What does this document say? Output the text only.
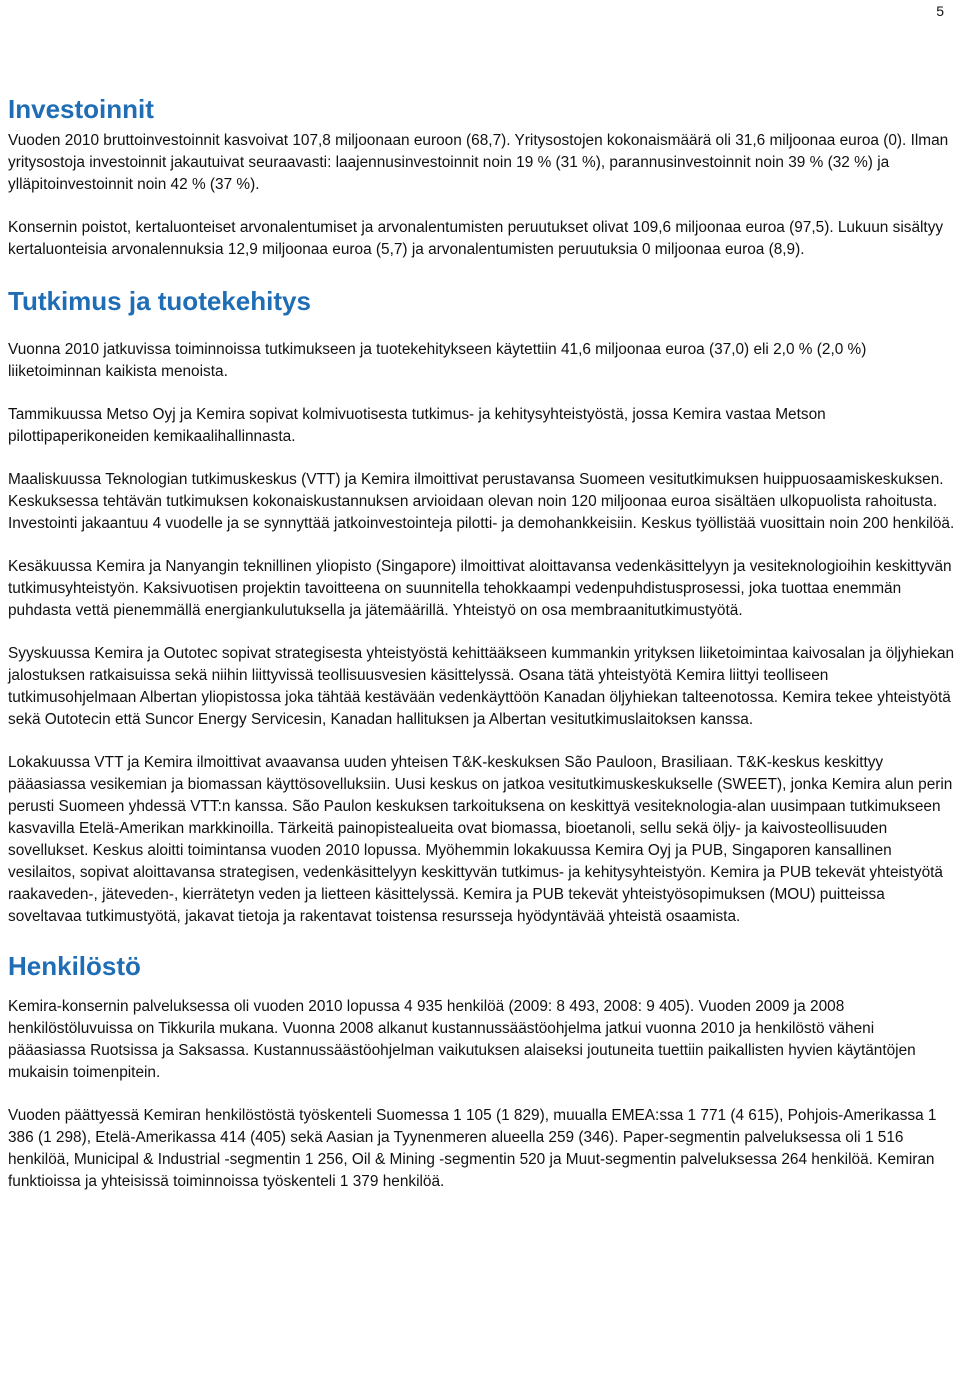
5
Investoinnit

Vuoden 2010 bruttoinvestoinnit kasvoivat 107,8 miljoonaan euroon (68,7). Yritysostojen kokonaismäärä oli 31,6 miljoonaa euroa (0). Ilman yritysostoja investoinnit jakautuivat seuraavasti: laajennusinvestoinnit noin 19 % (31 %), parannusinvestoinnit noin 39 % (32 %) ja ylläpitoinvestoinnit noin 42 % (37 %).

Konsernin poistot, kertaluonteiset arvonalentumiset ja arvonalentumisten peruutukset olivat 109,6 miljoonaa euroa (97,5). Lukuun sisältyy kertaluonteisia arvonalennuksia 12,9 miljoonaa euroa (5,7) ja arvonalentumisten peruutuksia 0 miljoonaa euroa (8,9).

Tutkimus ja tuotekehitys

Vuonna 2010 jatkuvissa toiminnoissa tutkimukseen ja tuotekehitykseen käytettiin 41,6 miljoonaa euroa (37,0) eli 2,0 % (2,0 %) liiketoiminnan kaikista menoista.

Tammikuussa Metso Oyj ja Kemira sopivat kolmivuotisesta tutkimus- ja kehitysyhteistyöstä, jossa Kemira vastaa Metson pilottipaperikoneiden kemikaalihallinnasta.

Maaliskuussa Teknologian tutkimuskeskus (VTT) ja Kemira ilmoittivat perustavansa Suomeen vesitutkimuksen huippuosaamiskeskuksen. Keskuksessa tehtävän tutkimuksen kokonaiskustannuksen arvioidaan olevan noin 120 miljoonaa euroa sisältäen ulkopuolista rahoitusta. Investointi jakaantuu 4 vuodelle ja se synnyttää jatkoinvestointeja pilotti- ja demohankkeisiin. Keskus työllistää vuosittain noin 200 henkilöä.

Kesäkuussa Kemira ja Nanyangin teknillinen yliopisto (Singapore) ilmoittivat aloittavansa vedenkäsittelyyn ja vesiteknologioihin keskittyvän tutkimusyhteistyön. Kaksivuotisen projektin tavoitteena on suunnitella tehokkaampi vedenpuhdistusprosessi, joka tuottaa enemmän puhdasta vettä pienemmällä energiankulutuksella ja jätemäärillä. Yhteistyö on osa membraanitutkimustyötä.

Syyskuussa Kemira ja Outotec sopivat strategisesta yhteistyöstä kehittääkseen kummankin yrityksen liiketoimintaa kaivosalan ja öljyhiekan jalostuksen ratkaisuissa sekä niihin liittyvissä teollisuusvesien käsittelyssä. Osana tätä yhteistyötä Kemira liittyi teolliseen tutkimusohjelmaan Albertan yliopistossa joka tähtää kestävään vedenkäyttöön Kanadan öljyhiekan talteenotossa. Kemira tekee yhteistyötä sekä Outotecin että Suncor Energy Servicesin, Kanadan hallituksen ja Albertan vesitutkimuslaitoksen kanssa.

Lokakuussa VTT ja Kemira ilmoittivat avaavansa uuden yhteisen T&K-keskuksen São Pauloon, Brasiliaan. T&K-keskus keskittyy pääasiassa vesikemian ja biomassan käyttösovelluksiin. Uusi keskus on jatkoa vesitutkimuskeskukselle (SWEET), jonka Kemira alun perin perusti Suomeen yhdessä VTT:n kanssa. São Paulon keskuksen tarkoituksena on keskittyä vesiteknologia-alan uusimpaan tutkimukseen kasvavilla Etelä-Amerikan markkinoilla. Tärkeitä painopistealueita ovat biomassa, bioetanoli, sellu sekä öljy- ja kaivosteollisuuden sovellukset. Keskus aloitti toimintansa vuoden 2010 lopussa. Myöhemmin lokakuussa Kemira Oyj ja PUB, Singaporen kansallinen vesilaitos, sopivat aloittavansa strategisen, vedenkäsittelyyn keskittyvän tutkimus- ja kehitysyhteistyön. Kemira ja PUB tekevät yhteistyötä raakaveden-, jäteveden-, kierrätetyn veden ja lietteen käsittelyssä. Kemira ja PUB tekevät yhteistyösopimuksen (MOU) puitteissa soveltavaa tutkimustyötä, jakavat tietoja ja rakentavat toistensa resursseja hyödyntävää yhteistä osaamista.

Henkilöstö

Kemira-konsernin palveluksessa oli vuoden 2010 lopussa 4 935 henkilöä (2009: 8 493, 2008: 9 405). Vuoden 2009 ja 2008 henkilöstöluvuissa on Tikkurila mukana. Vuonna 2008 alkanut kustannussäästöohjelma jatkui vuonna 2010 ja henkilöstö väheni pääasiassa Ruotsissa ja Saksassa. Kustannussäästöohjelman vaikutuksen alaiseksi joutuneita tuettiin paikallisten hyvien käytäntöjen mukaisin toimenpitein.

Vuoden päättyessä Kemiran henkilöstöstä työskenteli Suomessa 1 105 (1 829), muualla EMEA:ssa 1 771 (4 615), Pohjois-Amerikassa 1 386 (1 298), Etelä-Amerikassa 414 (405) sekä Aasian ja Tyynenmeren alueella 259 (346). Paper-segmentin palveluksessa oli 1 516 henkilöä, Municipal & Industrial -segmentin 1 256, Oil & Mining -segmentin 520 ja Muut-segmentin palveluksessa 264 henkilöä. Kemiran funktioissa ja yhteisissä toiminnoissa työskenteli 1 379 henkilöä.
